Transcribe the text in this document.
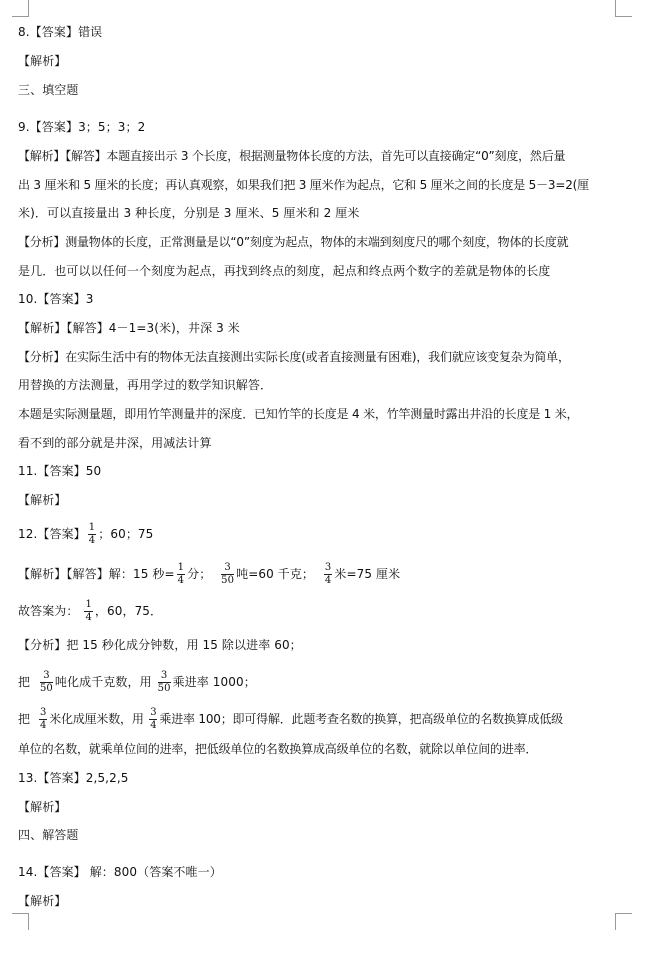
8.【答案】错误
【解析】
三、填空题
9.【答案】3；5；3；2
【解析】【解答】本题直接出示 3 个长度，根据测量物体长度的方法，首先可以直接确定“0”刻度，然后量
出 3 厘米和 5 厘米的长度；再认真观察，如果我们把 3 厘米作为起点，它和 5 厘米之间的长度是 5－3=2(厘
米)．可以直接量出 3 种长度，分别是 3 厘米、5 厘米和 2 厘米
【分析】测量物体的长度，正常测量是以“0”刻度为起点，物体的末端到刻度尺的哪个刻度，物体的长度就
是几．也可以以任何一个刻度为起点，再找到终点的刻度，起点和终点两个数字的差就是物体的长度
10.【答案】3
【解析】【解答】4－1=3(米)，井深 3 米
【分析】在实际生活中有的物体无法直接测出实际长度(或者直接测量有困难)，我们就应该变复杂为简单，
用替换的方法测量，再用学过的数学知识解答．
本题是实际测量题，即用竹竿测量井的深度．已知竹竿的长度是 4 米，竹竿测量时露出井沿的长度是 1 米，
看不到的部分就是井深，用减法计算
11.【答案】50
【解析】
12.【答案】 $\frac{1}{4}$ ；60；75
【解析】【解答】解：15 秒= $\frac{1}{4}$ 分； $\frac{3}{50}$ 吨=60 千克； $\frac{3}{4}$ 米=75 厘米
故答案为： $\frac{1}{4}$ ，60，75．
【分析】把 15 秒化成分钟数，用 15 除以进率 60；
把 $\frac{3}{50}$ 吨化成千克数，用 $\frac{3}{50}$ 乘进率 1000；
把 $\frac{3}{4}$ 米化成厘米数，用 $\frac{3}{4}$ 乘进率 100；即可得解．此题考查名数的换算，把高级单位的名数换算成低级
单位的名数，就乘单位间的进率，把低级单位的名数换算成高级单位的名数，就除以单位间的进率．
13.【答案】2,5,2,5
【解析】
四、解答题
14.【答案】 解：800（答案不唯一）
【解析】
